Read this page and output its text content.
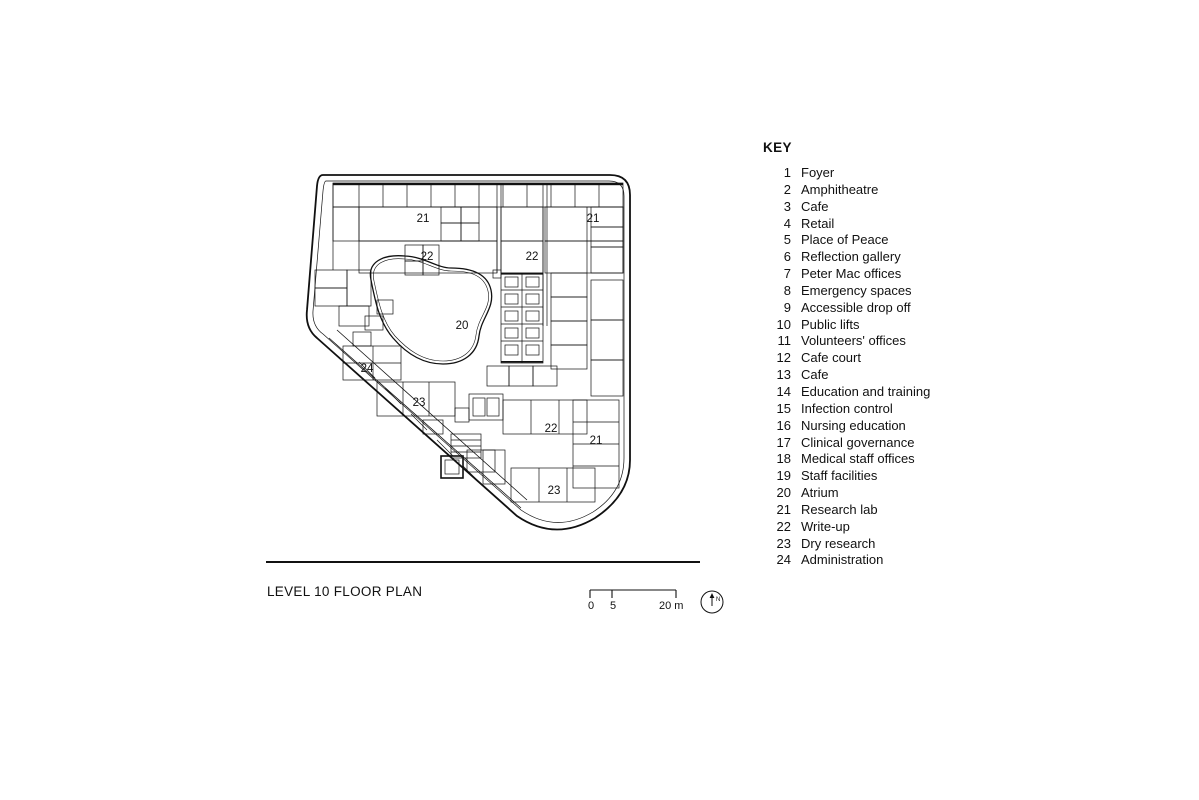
21	21
22	22
20
24
23
22
21
23
LEVEL 10 FLOOR PLAN
0 5	20 m	N
KEY
1 Foyer
2 Amphitheatre
3 Cafe
4 Retail
5 Place of Peace
6 Reflection gallery
7 Peter Mac offices
8 Emergency spaces
9 Accessible drop off
10 Public lifts
11 Volunteers' offices
12 Cafe court
13 Cafe
14 Education and training
15 Infection control
16 Nursing education
17 Clinical governance
18 Medical staff offices
19 Staff facilities
20 Atrium
21 Research lab
22 Write-up
23 Dry research
24 Administration
